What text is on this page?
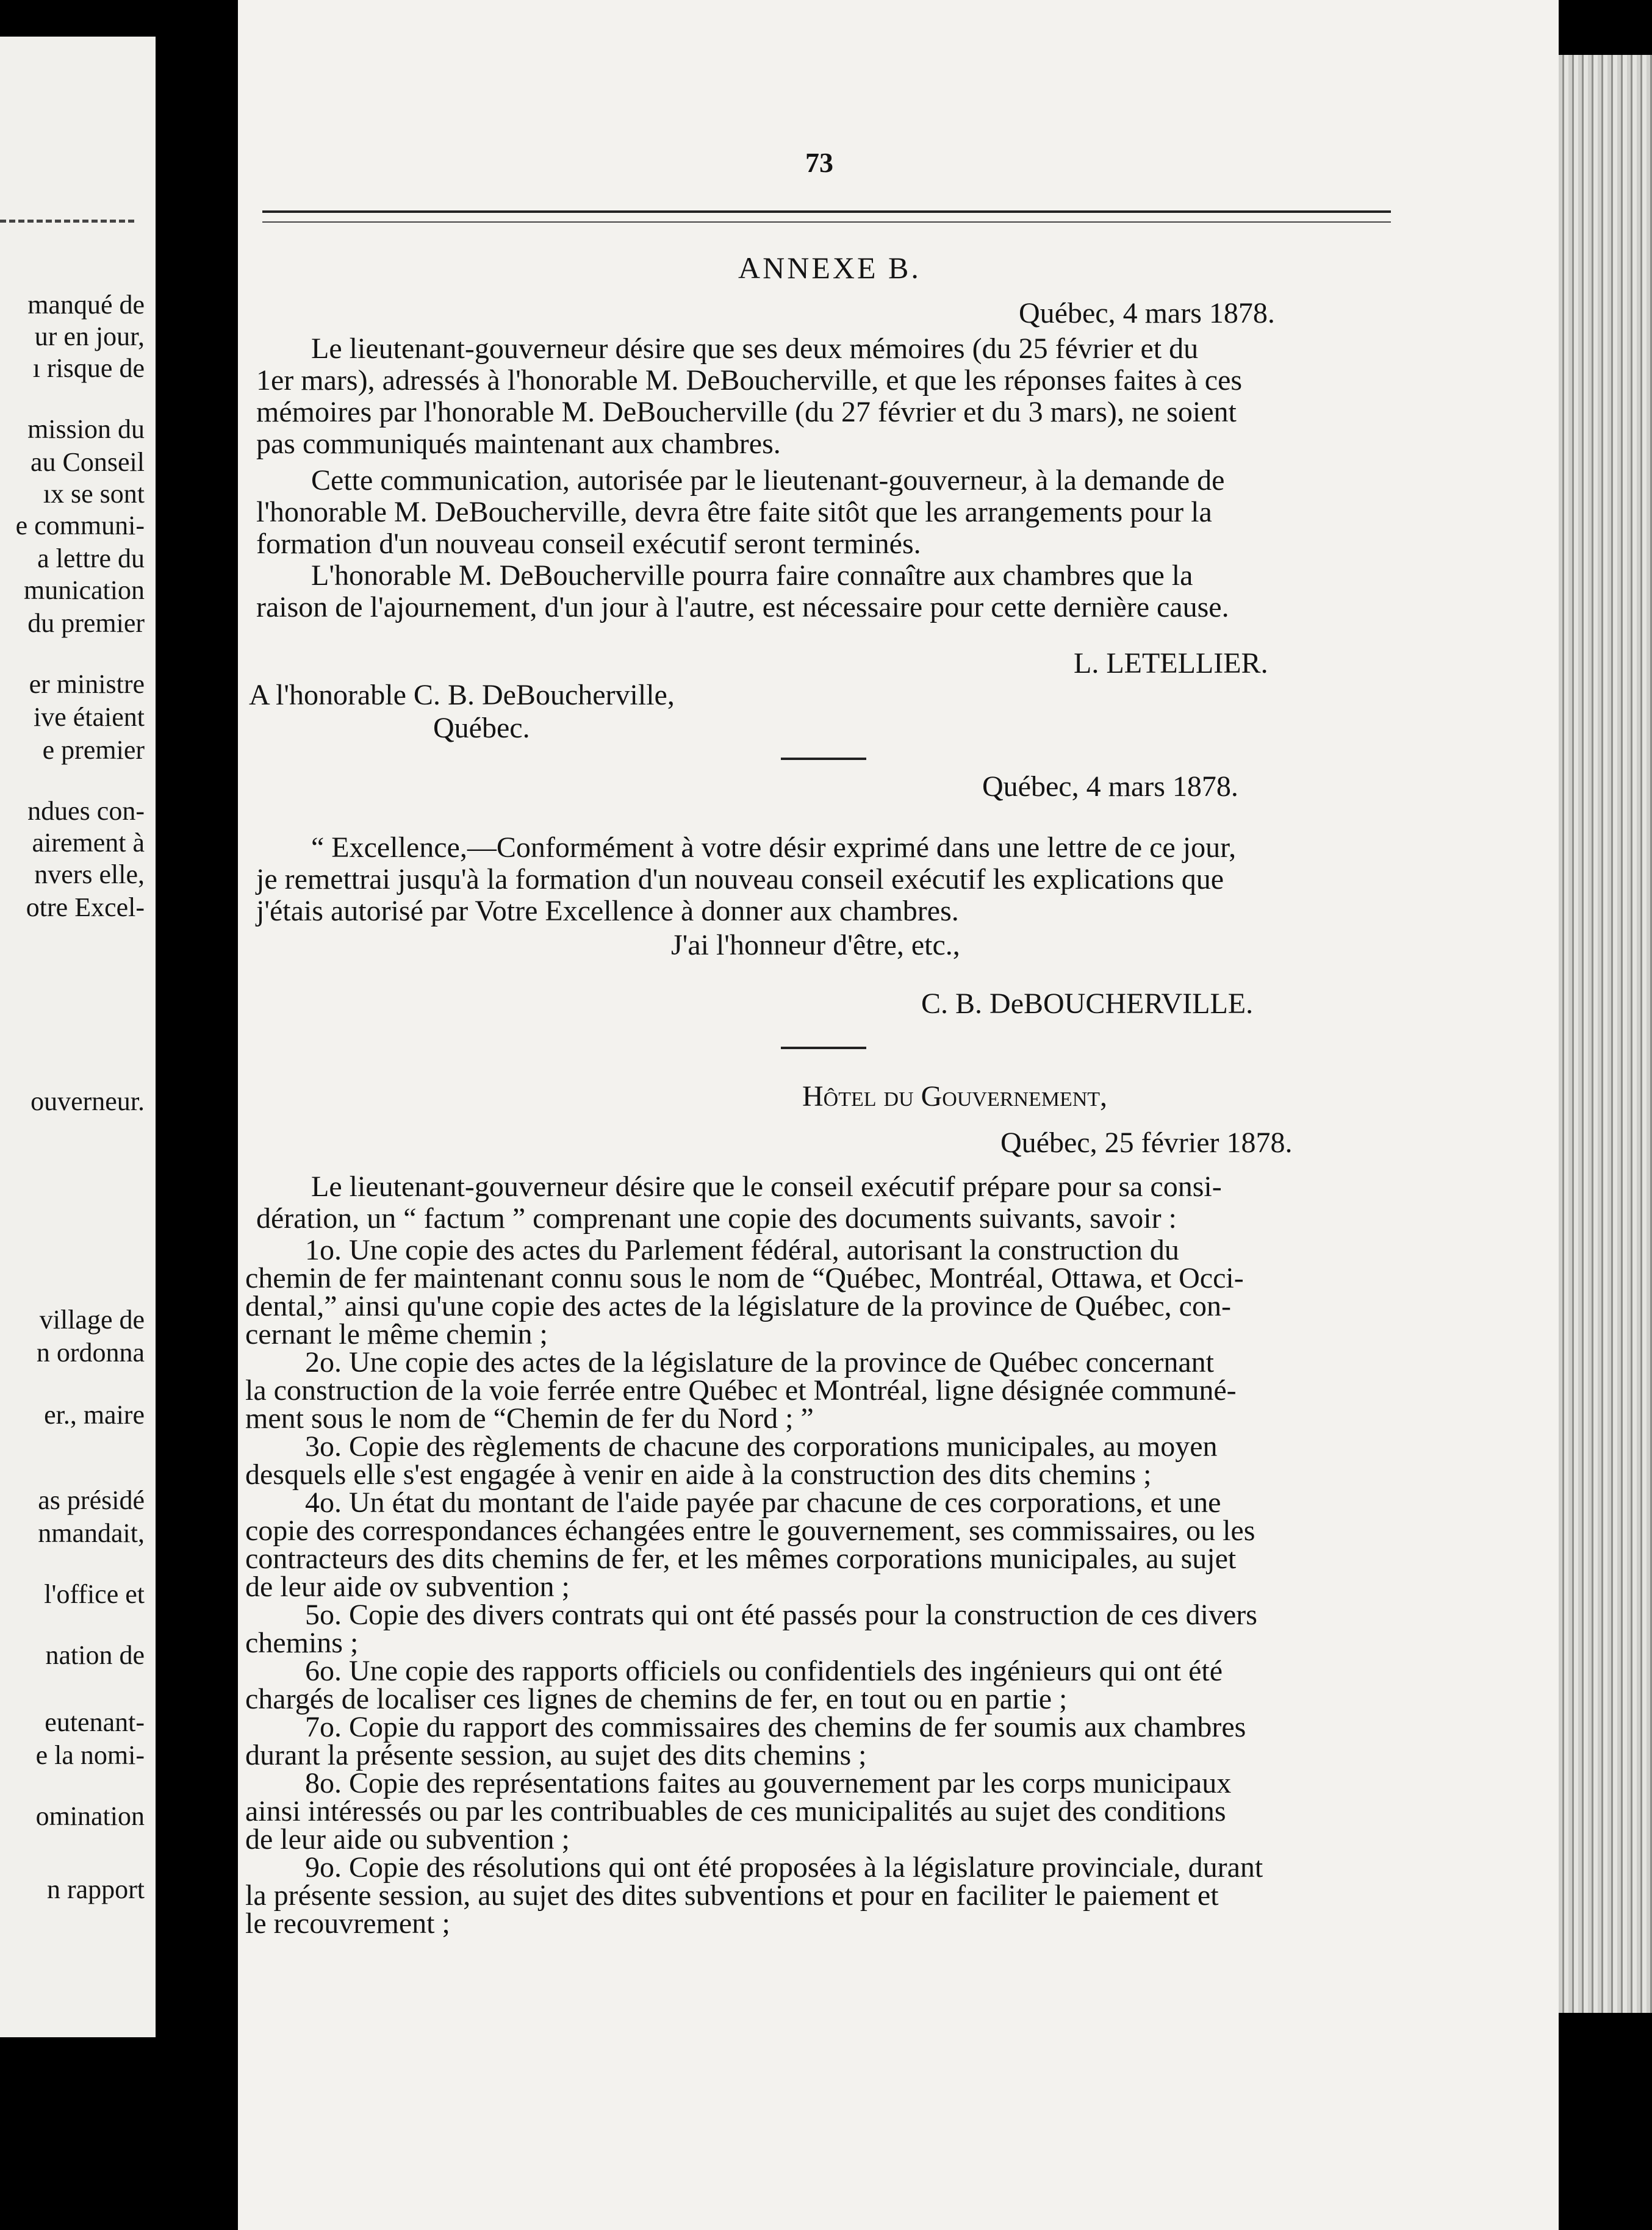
manqué de
ur en jour,
ı risque de
mission du
au Conseil
ıx se sont
e communi-
a lettre du
munication
du premier
er ministre
ive étaient
e premier
ndues con-
airement à
nvers elle,
otre Excel-
ouverneur.
village de
n ordonna
er., maire
as présidé
nmandait,
l'office et
nation de
eutenant-
e la nomi-
omination
n rapport
73
ANNEXE B.
Québec, 4 mars 1878.
Le lieutenant-gouverneur désire que ses deux mémoires (du 25 février et du
1er mars), adressés à l'honorable M. DeBoucherville, et que les réponses faites à ces
mémoires par l'honorable M. DeBoucherville (du 27 février et du 3 mars), ne soient
pas communiqués maintenant aux chambres.
Cette communication, autorisée par le lieutenant-gouverneur, à la demande de
l'honorable M. DeBoucherville, devra être faite sitôt que les arrangements pour la
formation d'un nouveau conseil exécutif seront terminés.
L'honorable M. DeBoucherville pourra faire connaître aux chambres que la
raison de l'ajournement, d'un jour à l'autre, est nécessaire pour cette dernière cause.
L. LETELLIER.
A l'honorable C. B. DeBoucherville,
Québec.
Québec, 4 mars 1878.
“ Excellence,—Conformément à votre désir exprimé dans une lettre de ce jour,
je remettrai jusqu'à la formation d'un nouveau conseil exécutif les explications que
j'étais autorisé par Votre Excellence à donner aux chambres.
J'ai l'honneur d'être, etc.,
C. B. DeBOUCHERVILLE.
Hôtel du Gouvernement,
Québec, 25 février 1878.
Le lieutenant-gouverneur désire que le conseil exécutif prépare pour sa consi-
dération, un “ factum ” comprenant une copie des documents suivants, savoir :
1o. Une copie des actes du Parlement fédéral, autorisant la construction du
chemin de fer maintenant connu sous le nom de “Québec, Montréal, Ottawa, et Occi-
dental,” ainsi qu'une copie des actes de la législature de la province de Québec, con-
cernant le même chemin ;
2o. Une copie des actes de la législature de la province de Québec concernant
la construction de la voie ferrée entre Québec et Montréal, ligne désignée communé-
ment sous le nom de “Chemin de fer du Nord ; ”
3o. Copie des règlements de chacune des corporations municipales, au moyen
desquels elle s'est engagée à venir en aide à la construction des dits chemins ;
4o. Un état du montant de l'aide payée par chacune de ces corporations, et une
copie des correspondances échangées entre le gouvernement, ses commissaires, ou les
contracteurs des dits chemins de fer, et les mêmes corporations municipales, au sujet
de leur aide ov subvention ;
5o. Copie des divers contrats qui ont été passés pour la construction de ces divers
chemins ;
6o. Une copie des rapports officiels ou confidentiels des ingénieurs qui ont été
chargés de localiser ces lignes de chemins de fer, en tout ou en partie ;
7o. Copie du rapport des commissaires des chemins de fer soumis aux chambres
durant la présente session, au sujet des dits chemins ;
8o. Copie des représentations faites au gouvernement par les corps municipaux
ainsi intéressés ou par les contribuables de ces municipalités au sujet des conditions
de leur aide ou subvention ;
9o. Copie des résolutions qui ont été proposées à la législature provinciale, durant
la présente session, au sujet des dites subventions et pour en faciliter le paiement et
le recouvrement ;
